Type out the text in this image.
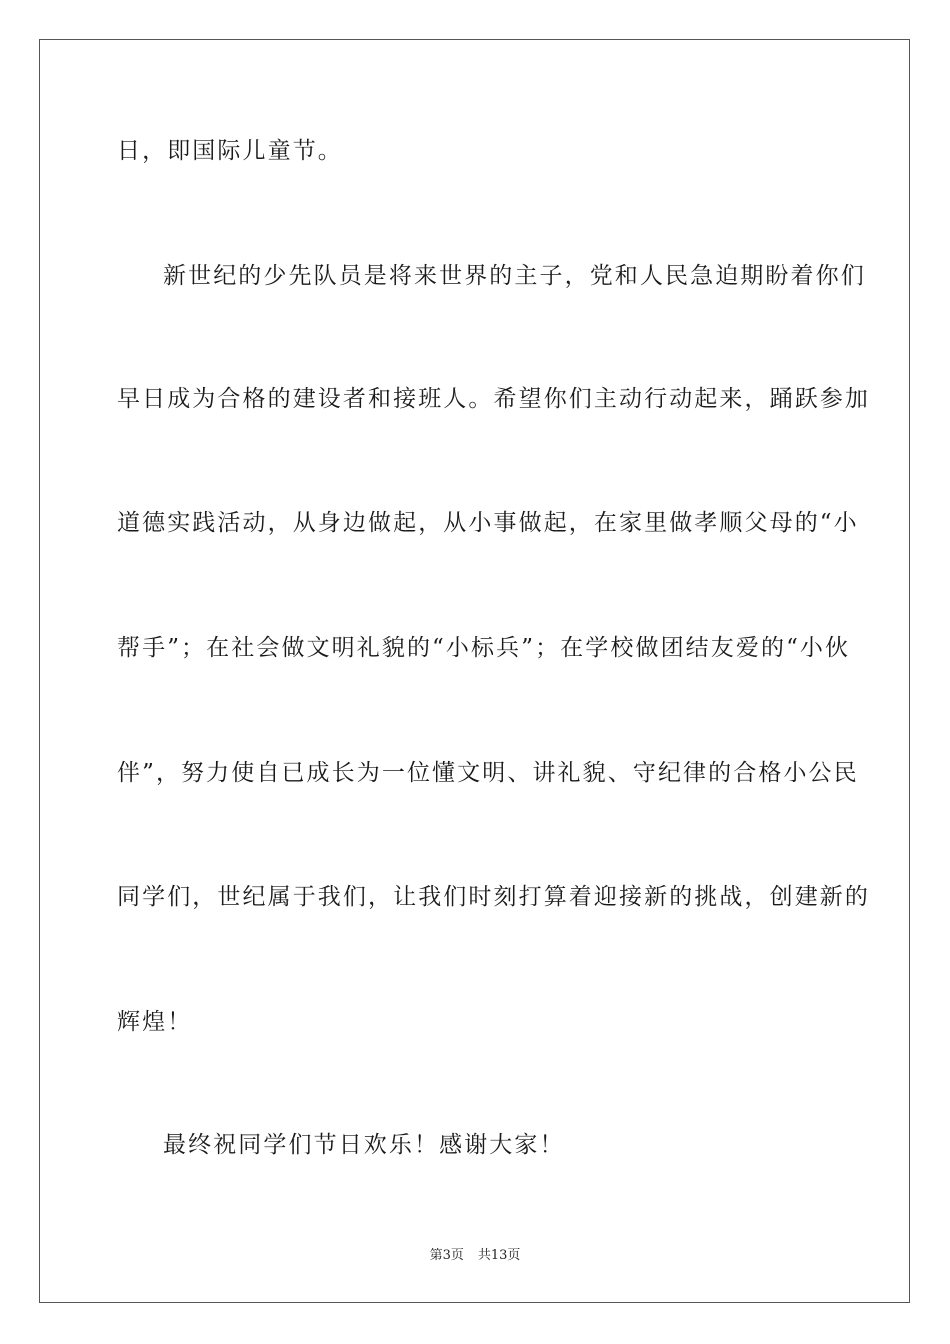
日，即国际儿童节。
新世纪的少先队员是将来世界的主子，党和人民急迫期盼着你们
早日成为合格的建设者和接班人。希望你们主动行动起来，踊跃参加
道德实践活动，从身边做起，从小事做起，在家里做孝顺父母的“小
帮手”；在社会做文明礼貌的“小标兵”；在学校做团结友爱的“小伙
伴”，努力使自已成长为一位懂文明、讲礼貌、守纪律的合格小公民
同学们，世纪属于我们，让我们时刻打算着迎接新的挑战，创建新的
辉煌！
最终祝同学们节日欢乐！感谢大家！
第3页 共13页
